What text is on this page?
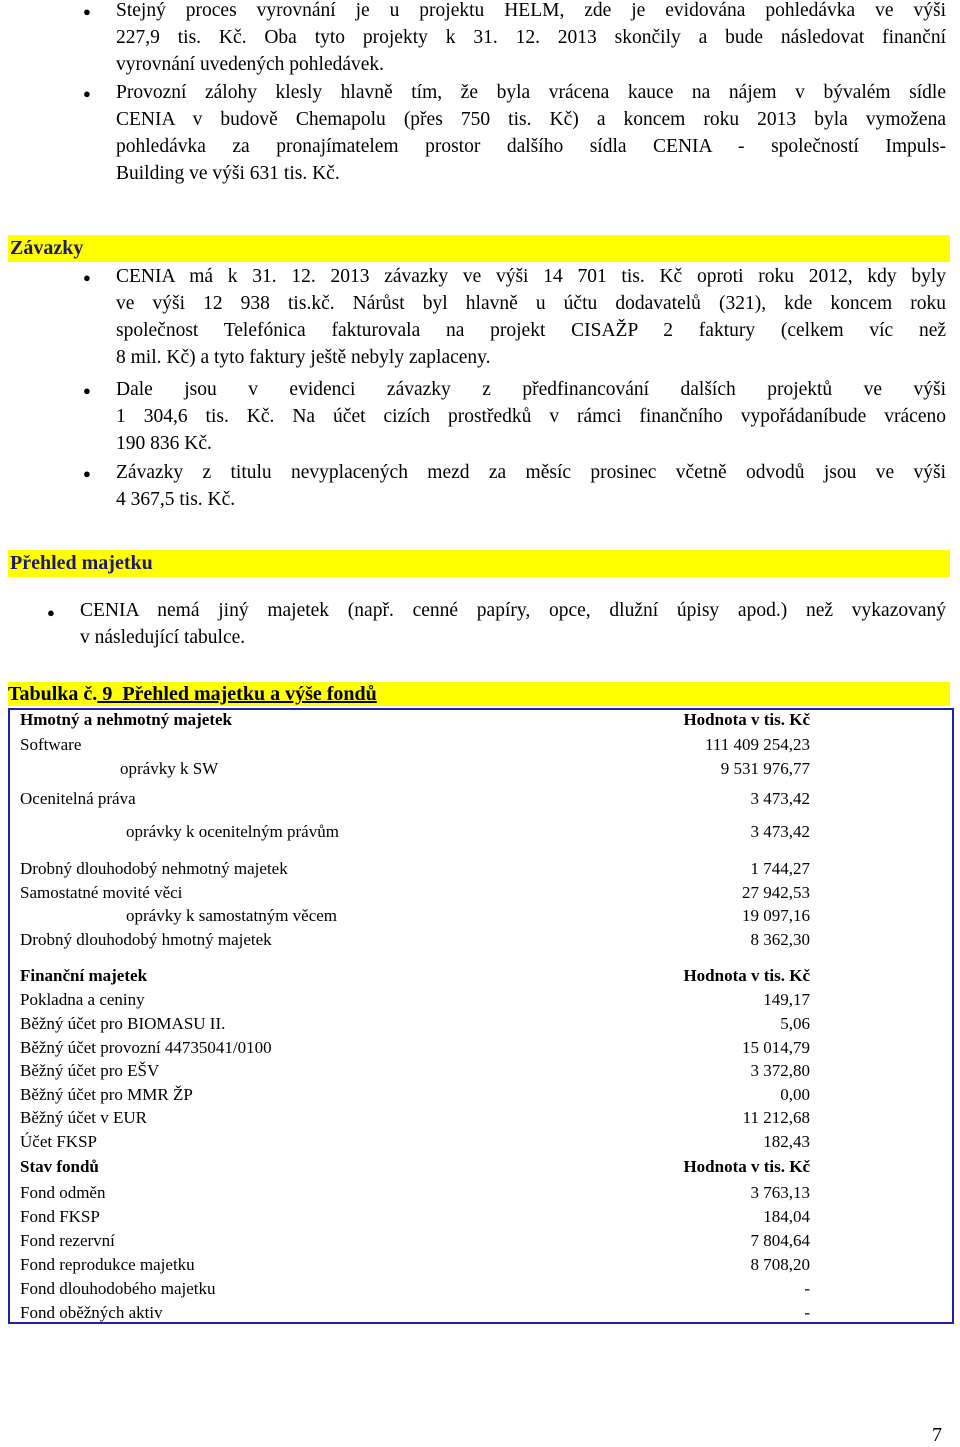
● Stejný proces vyrovnání je u projektu HELM, zde je evidována pohledávka ve výši
227,9 tis. Kč. Oba tyto projekty k 31. 12. 2013 skončily a bude následovat finanční
vyrovnání uvedených pohledávek.
● Provozní zálohy klesly hlavně tím, že byla vrácena kauce na nájem v bývalém sídle
CENIA v budově Chemapolu (přes 750 tis. Kč) a koncem roku 2013 byla vymožena
pohledávka za pronajímatelem prostor dalšího sídla CENIA - společností Impuls-
Building ve výši 631 tis. Kč.
Závazky
● CENIA má k 31. 12. 2013 závazky ve výši 14 701 tis. Kč oproti roku 2012, kdy byly
ve výši 12 938 tis.kč. Nárůst byl hlavně u účtu dodavatelů (321), kde koncem roku
společnost Telefónica fakturovala na projekt CISAŽP 2 faktury (celkem víc než
8 mil. Kč) a tyto faktury ještě nebyly zaplaceny.
● Dale jsou v evidenci závazky z předfinancování dalších projektů ve výši
1 304,6 tis. Kč. Na účet cizích prostředků v rámci finančního vypořádaníbude vráceno
190 836 Kč.
● Závazky z titulu nevyplacených mezd za měsíc prosinec včetně odvodů jsou ve výši
4 367,5 tis. Kč.
Přehled majetku
● CENIA nemá jiný majetek (např. cenné papíry, opce, dlužní úpisy apod.) než vykazovaný
v následující tabulce.
Tabulka č. 9  Přehled majetku a výše fondů
Hmotný a nehmotný majetek	Hodnota v tis. Kč
Software	111 409 254,23
oprávky k SW	9 531 976,77
Ocenitelná práva	3 473,42
oprávky k ocenitelným právům	3 473,42
Drobný dlouhodobý nehmotný majetek	1 744,27
Samostatné movité věci	27 942,53
oprávky k samostatným věcem	19 097,16
Drobný dlouhodobý hmotný majetek	8 362,30
Finanční majetek	Hodnota v tis. Kč
Pokladna a ceniny	149,17
Běžný účet pro BIOMASU II.	5,06
Běžný účet provozní 44735041/0100	15 014,79
Běžný účet pro EŠV	3 372,80
Běžný účet pro MMR ŽP	0,00
Běžný účet v EUR	11 212,68
Účet FKSP	182,43
Stav fondů	Hodnota v tis. Kč
Fond odměn	3 763,13
Fond FKSP	184,04
Fond rezervní	7 804,64
Fond reprodukce majetku	8 708,20
Fond dlouhodobého majetku	-
Fond oběžných aktiv	-
7
